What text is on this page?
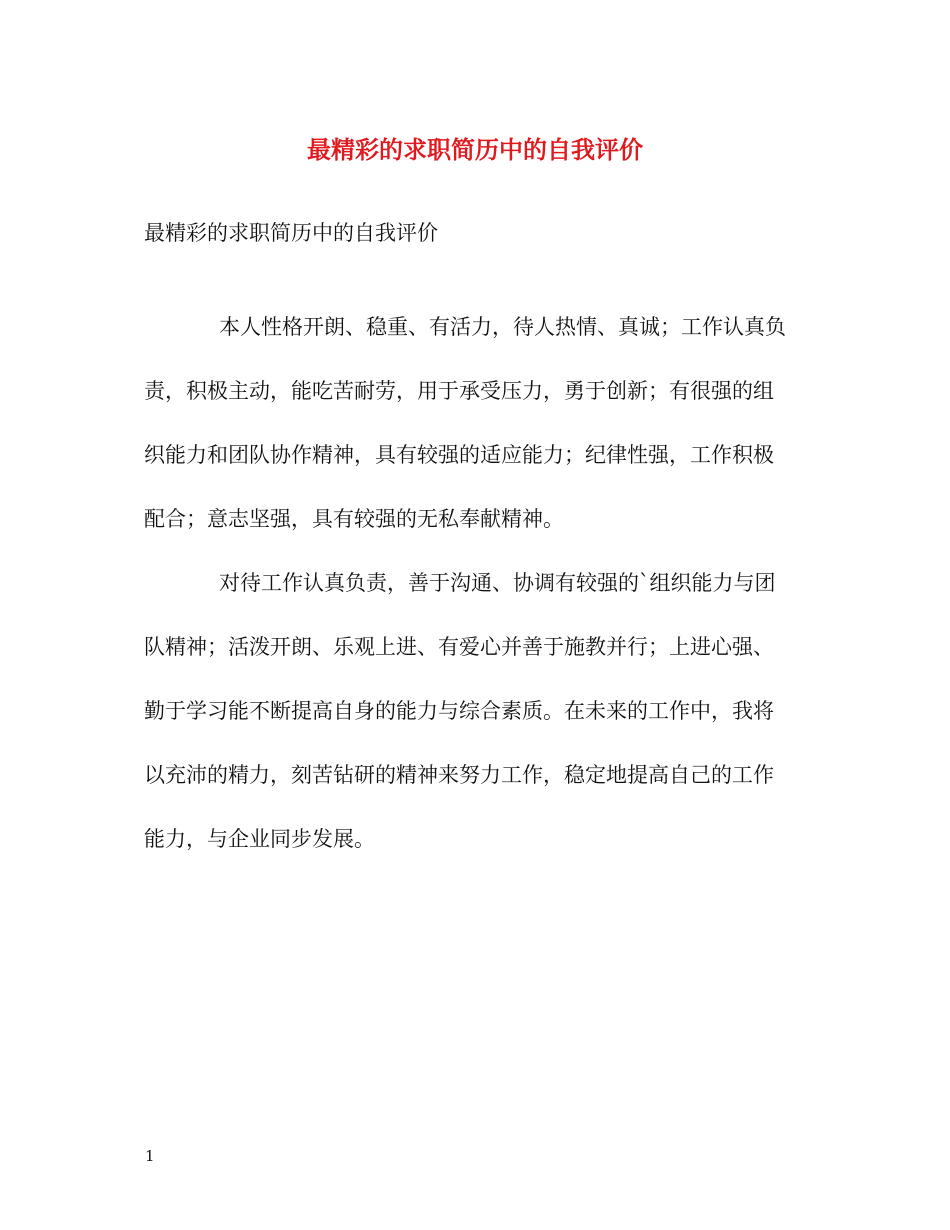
最精彩的求职简历中的自我评价
最精彩的求职简历中的自我评价
本人性格开朗、稳重、有活力，待人热情、真诚；工作认真负
责，积极主动，能吃苦耐劳，用于承受压力，勇于创新；有很强的组
织能力和团队协作精神，具有较强的适应能力；纪律性强，工作积极
配合；意志坚强，具有较强的无私奉献精神。
对待工作认真负责，善于沟通、协调有较强的`组织能力与团
队精神；活泼开朗、乐观上进、有爱心并善于施教并行；上进心强、
勤于学习能不断提高自身的能力与综合素质。在未来的工作中，我将
以充沛的精力，刻苦钻研的精神来努力工作，稳定地提高自己的工作
能力，与企业同步发展。
1
